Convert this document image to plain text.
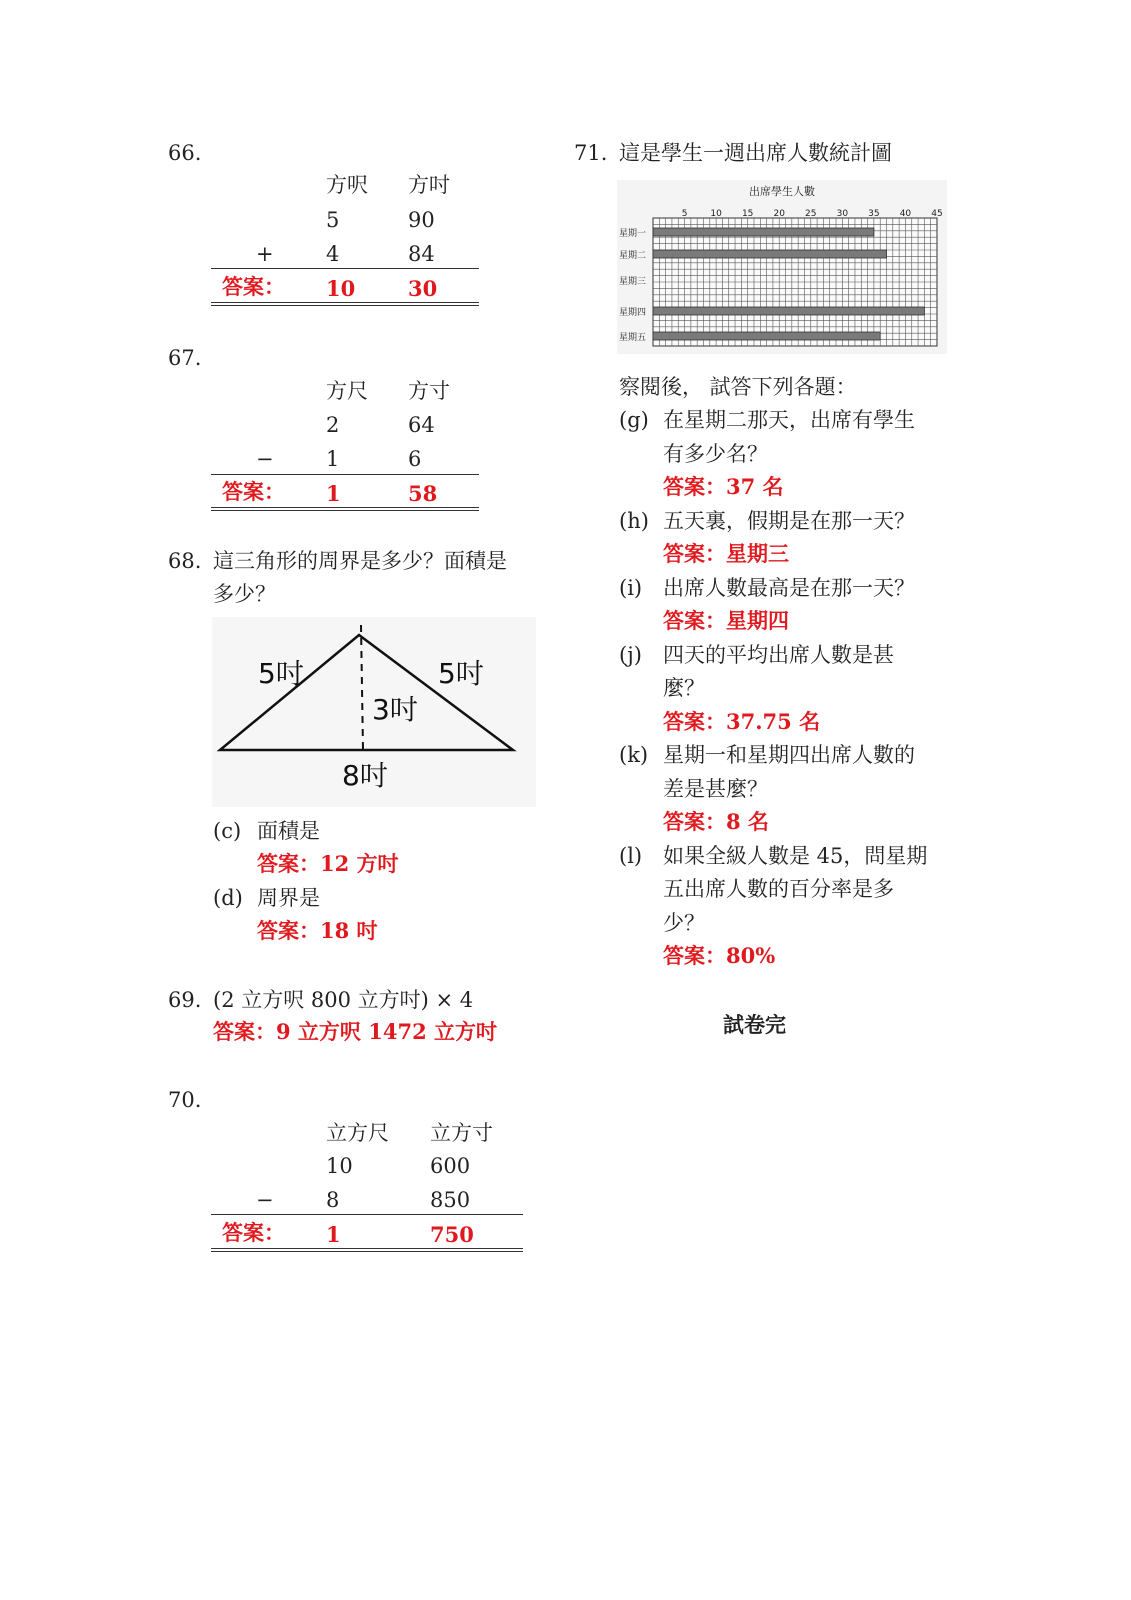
66.
方呎 方吋
5	90
+ 4	84
答案： 10	30
67.
方尺 方寸
2	64
− 1	6
答案： 1	58
68. 這三角形的周界是多少？面積是
多少？
5吋	5吋
3吋
8吋
(c) 面積是
答案：12 方吋
(d) 周界是
答案：18 吋
69. (2 立方呎 800 立方吋) × 4
答案：9 立方呎 1472 立方吋
70.
立方尺 立方寸
10	600
− 8	850
答案： 1	750
71. 這是學生一週出席人數統計圖
出席學生人數
5	10 15 20 25 30 35 40 45
星期一
星期二
星期三
星期四
星期五
察閱後， 試答下列各題：
(g) 在星期二那天，出席有學生
有多少名？
答案：37 名
(h) 五天裏，假期是在那一天？
答案：星期三
(i) 出席人數最高是在那一天？
答案：星期四
(j) 四天的平均出席人數是甚
麼？
答案：37.75 名
(k) 星期一和星期四出席人數的
差是甚麼？
答案：8 名
(l) 如果全級人數是 45，問星期
五出席人數的百分率是多
少？
答案：80%
試卷完
